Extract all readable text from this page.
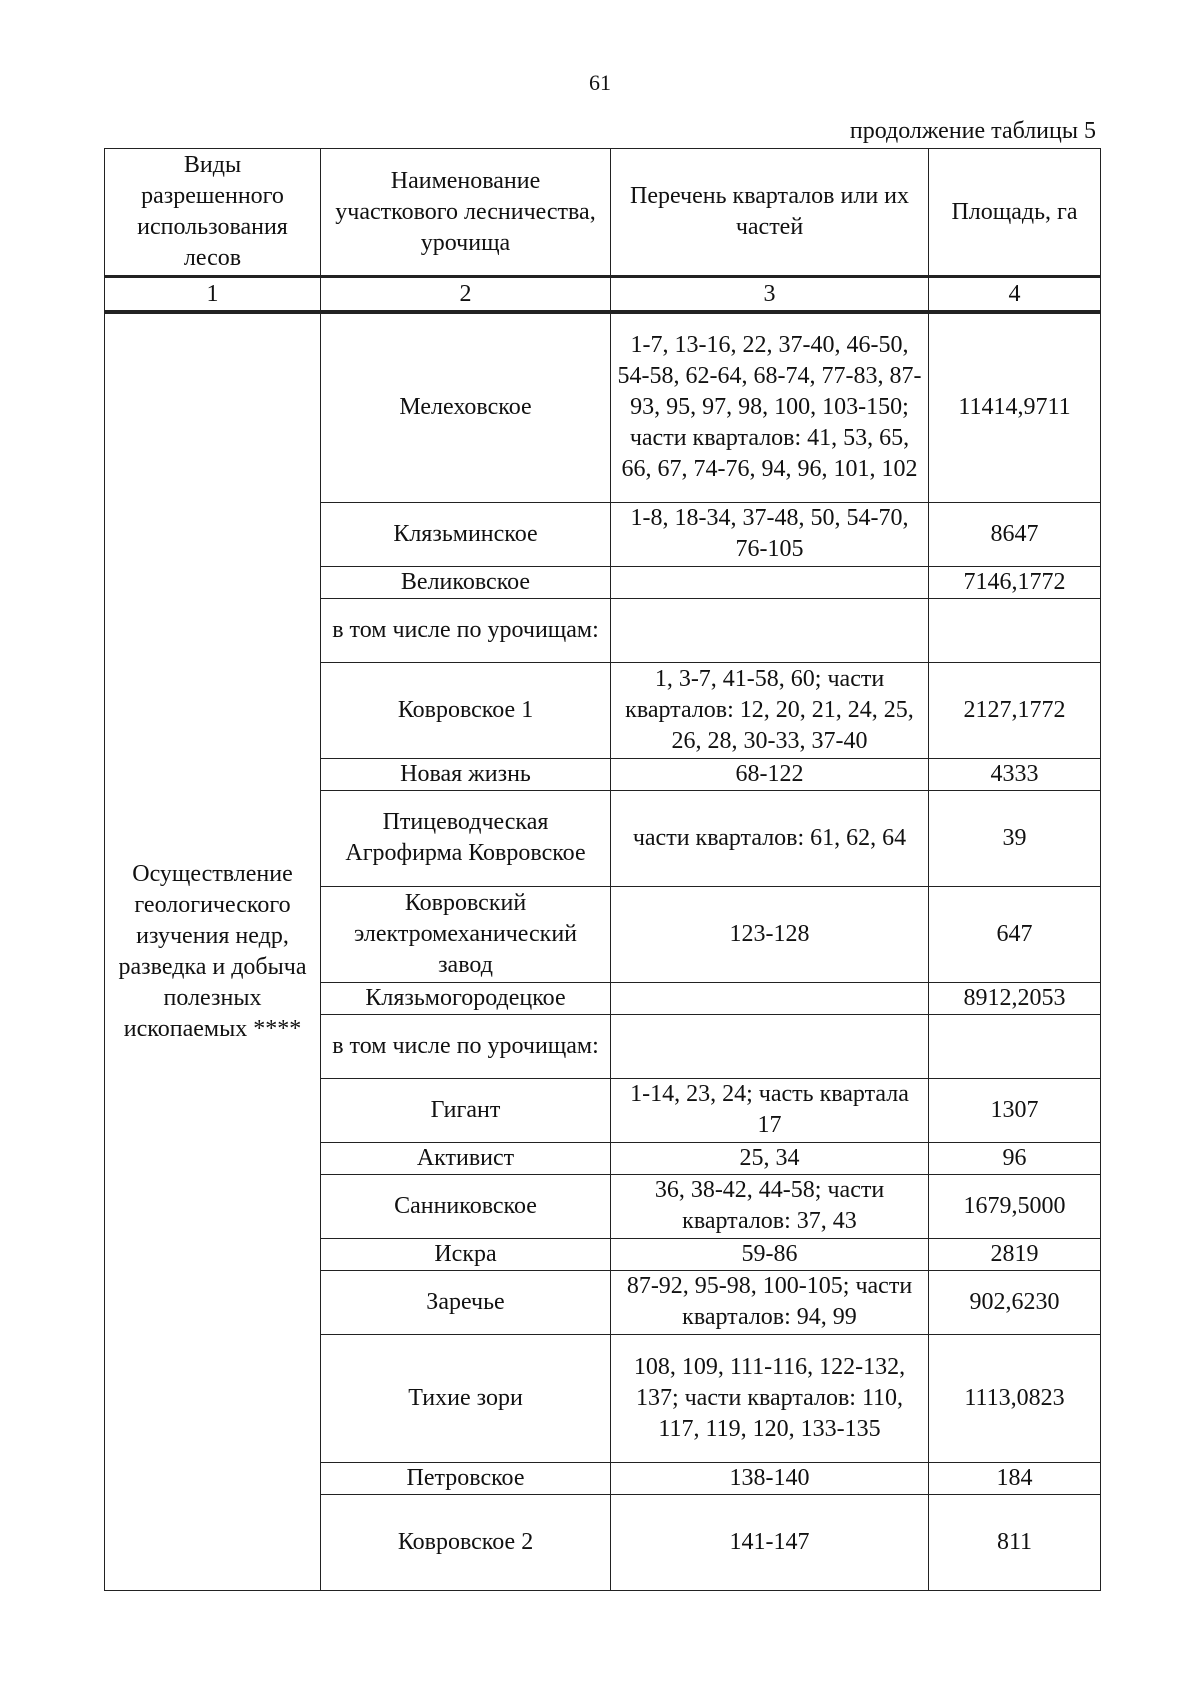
61
продолжение таблицы 5
Виды разрешенного использования лесов	Наименование участкового лесничества, урочища	Перечень кварталов или их частей	Площадь, га
1	2	3	4
Осуществление геологического изучения недр, разведка и добыча полезных ископаемых ****	Мелеховское	1-7, 13-16, 22, 37-40, 46-50, 54-58, 62-64, 68-74, 77-83, 87-93, 95, 97, 98, 100, 103-150; части кварталов: 41, 53, 65, 66, 67, 74-76, 94, 96, 101, 102	11414,9711
	Клязьминское	1-8, 18-34, 37-48, 50, 54-70, 76-105	8647
	Великовское		7146,1772
	в том числе по урочищам:		
	Ковровское 1	1, 3-7, 41-58, 60; части кварталов: 12, 20, 21, 24, 25, 26, 28, 30-33, 37-40	2127,1772
	Новая жизнь	68-122	4333
	Птицеводческая Агрофирма Ковровское	части кварталов: 61, 62, 64	39
	Ковровский электромеханический завод	123-128	647
	Клязьмогородецкое		8912,2053
	в том числе по урочищам:		
	Гигант	1-14, 23, 24; часть квартала 17	1307
	Активист	25, 34	96
	Санниковское	36, 38-42, 44-58; части кварталов: 37, 43	1679,5000
	Искра	59-86	2819
	Заречье	87-92, 95-98, 100-105; части кварталов: 94, 99	902,6230
	Тихие зори	108, 109, 111-116, 122-132, 137; части кварталов: 110, 117, 119, 120, 133-135	1113,0823
	Петровское	138-140	184
	Ковровское 2	141-147	811
